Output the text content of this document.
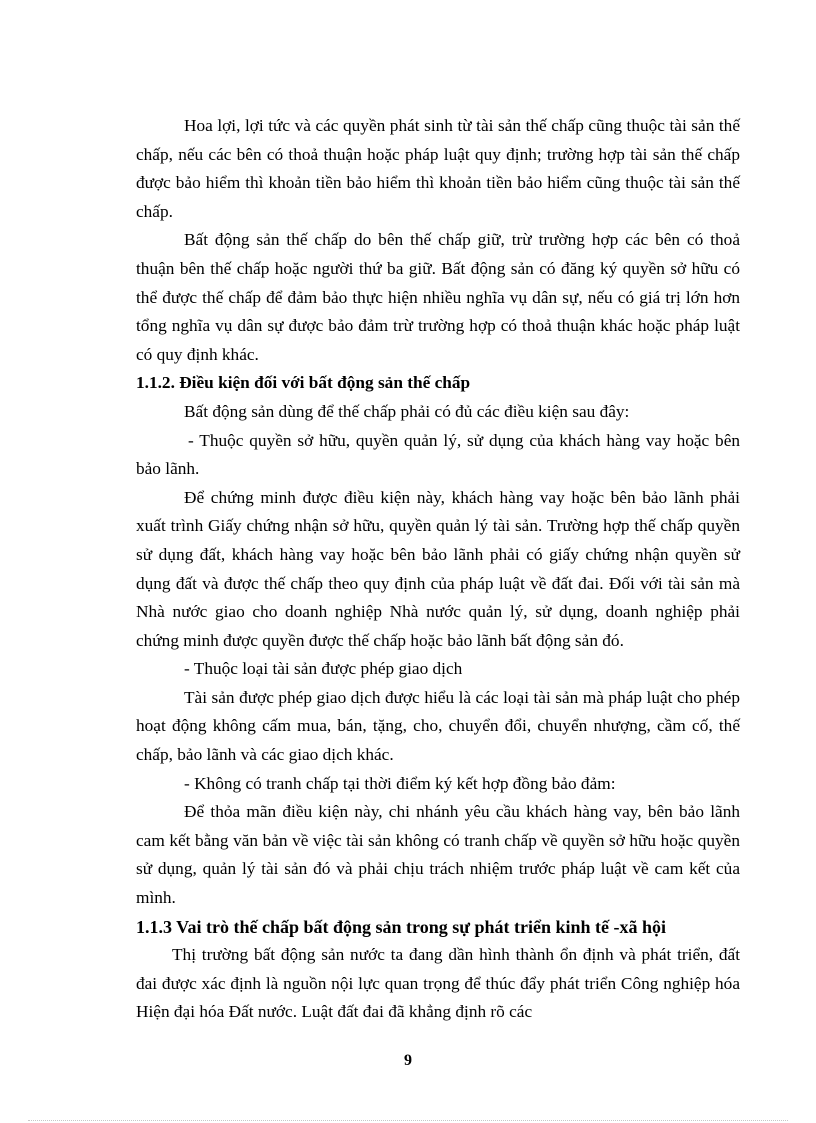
Hoa lợi, lợi tức và các quyền phát sinh từ tài sản thế chấp cũng thuộc tài sản thế chấp, nếu các bên có thoả thuận hoặc pháp luật quy định; trường hợp tài sản thế chấp được bảo hiểm thì khoản tiền bảo hiểm thì khoản tiền bảo hiểm cũng thuộc tài sản thế chấp.

Bất động sản thế chấp do bên thế chấp giữ, trừ trường hợp các bên có thoả thuận bên thế chấp hoặc người thứ ba giữ. Bất động sản có đăng ký quyền sở hữu có thể được thế chấp để đảm bảo thực hiện nhiều nghĩa vụ dân sự, nếu có giá trị lớn hơn tổng nghĩa vụ dân sự được bảo đảm trừ trường hợp có thoả thuận khác hoặc pháp luật có quy định khác.

1.1.2. Điều kiện đối với bất động sản thế chấp

Bất động sản dùng để thế chấp phải có đủ các điều kiện sau đây:

- Thuộc quyền sở hữu, quyền quản lý, sử dụng của khách hàng vay hoặc bên bảo lãnh.

Để chứng minh được điều kiện này, khách hàng vay hoặc bên bảo lãnh phải xuất trình Giấy chứng nhận sở hữu, quyền quản lý tài sản. Trường hợp thế chấp quyền sử dụng đất, khách hàng vay hoặc bên bảo lãnh phải có giấy chứng nhận quyền sử dụng đất và được thế chấp theo quy định của pháp luật về đất đai. Đối với tài sản mà Nhà nước giao cho doanh nghiệp Nhà nước quản lý, sử dụng, doanh nghiệp phải chứng minh được quyền được thế chấp hoặc bảo lãnh bất động sản đó.

- Thuộc loại tài sản được phép giao dịch

Tài sản được phép giao dịch được hiểu là các loại tài sản mà pháp luật cho phép hoạt động không cấm mua, bán, tặng, cho, chuyển đổi, chuyển nhượng, cầm cố, thế chấp, bảo lãnh và các giao dịch khác.

- Không có tranh chấp tại thời điểm ký kết hợp đồng bảo đảm:

Để thỏa mãn điều kiện này, chi nhánh yêu cầu khách hàng vay, bên bảo lãnh cam kết bằng văn bản về việc tài sản không có tranh chấp về quyền sở hữu hoặc quyền sử dụng, quản lý tài sản đó và phải chịu trách nhiệm trước pháp luật về cam kết của mình.

1.1.3 Vai trò thế chấp bất động sản trong sự phát triển kinh tế -xã hội

Thị trường bất động sản nước ta đang dần hình thành ổn định và phát triển, đất đai được xác định là nguồn nội lực quan trọng để thúc đẩy phát triển Công nghiệp hóa Hiện đại hóa Đất nước. Luật đất đai đã khẳng định rõ các

9
